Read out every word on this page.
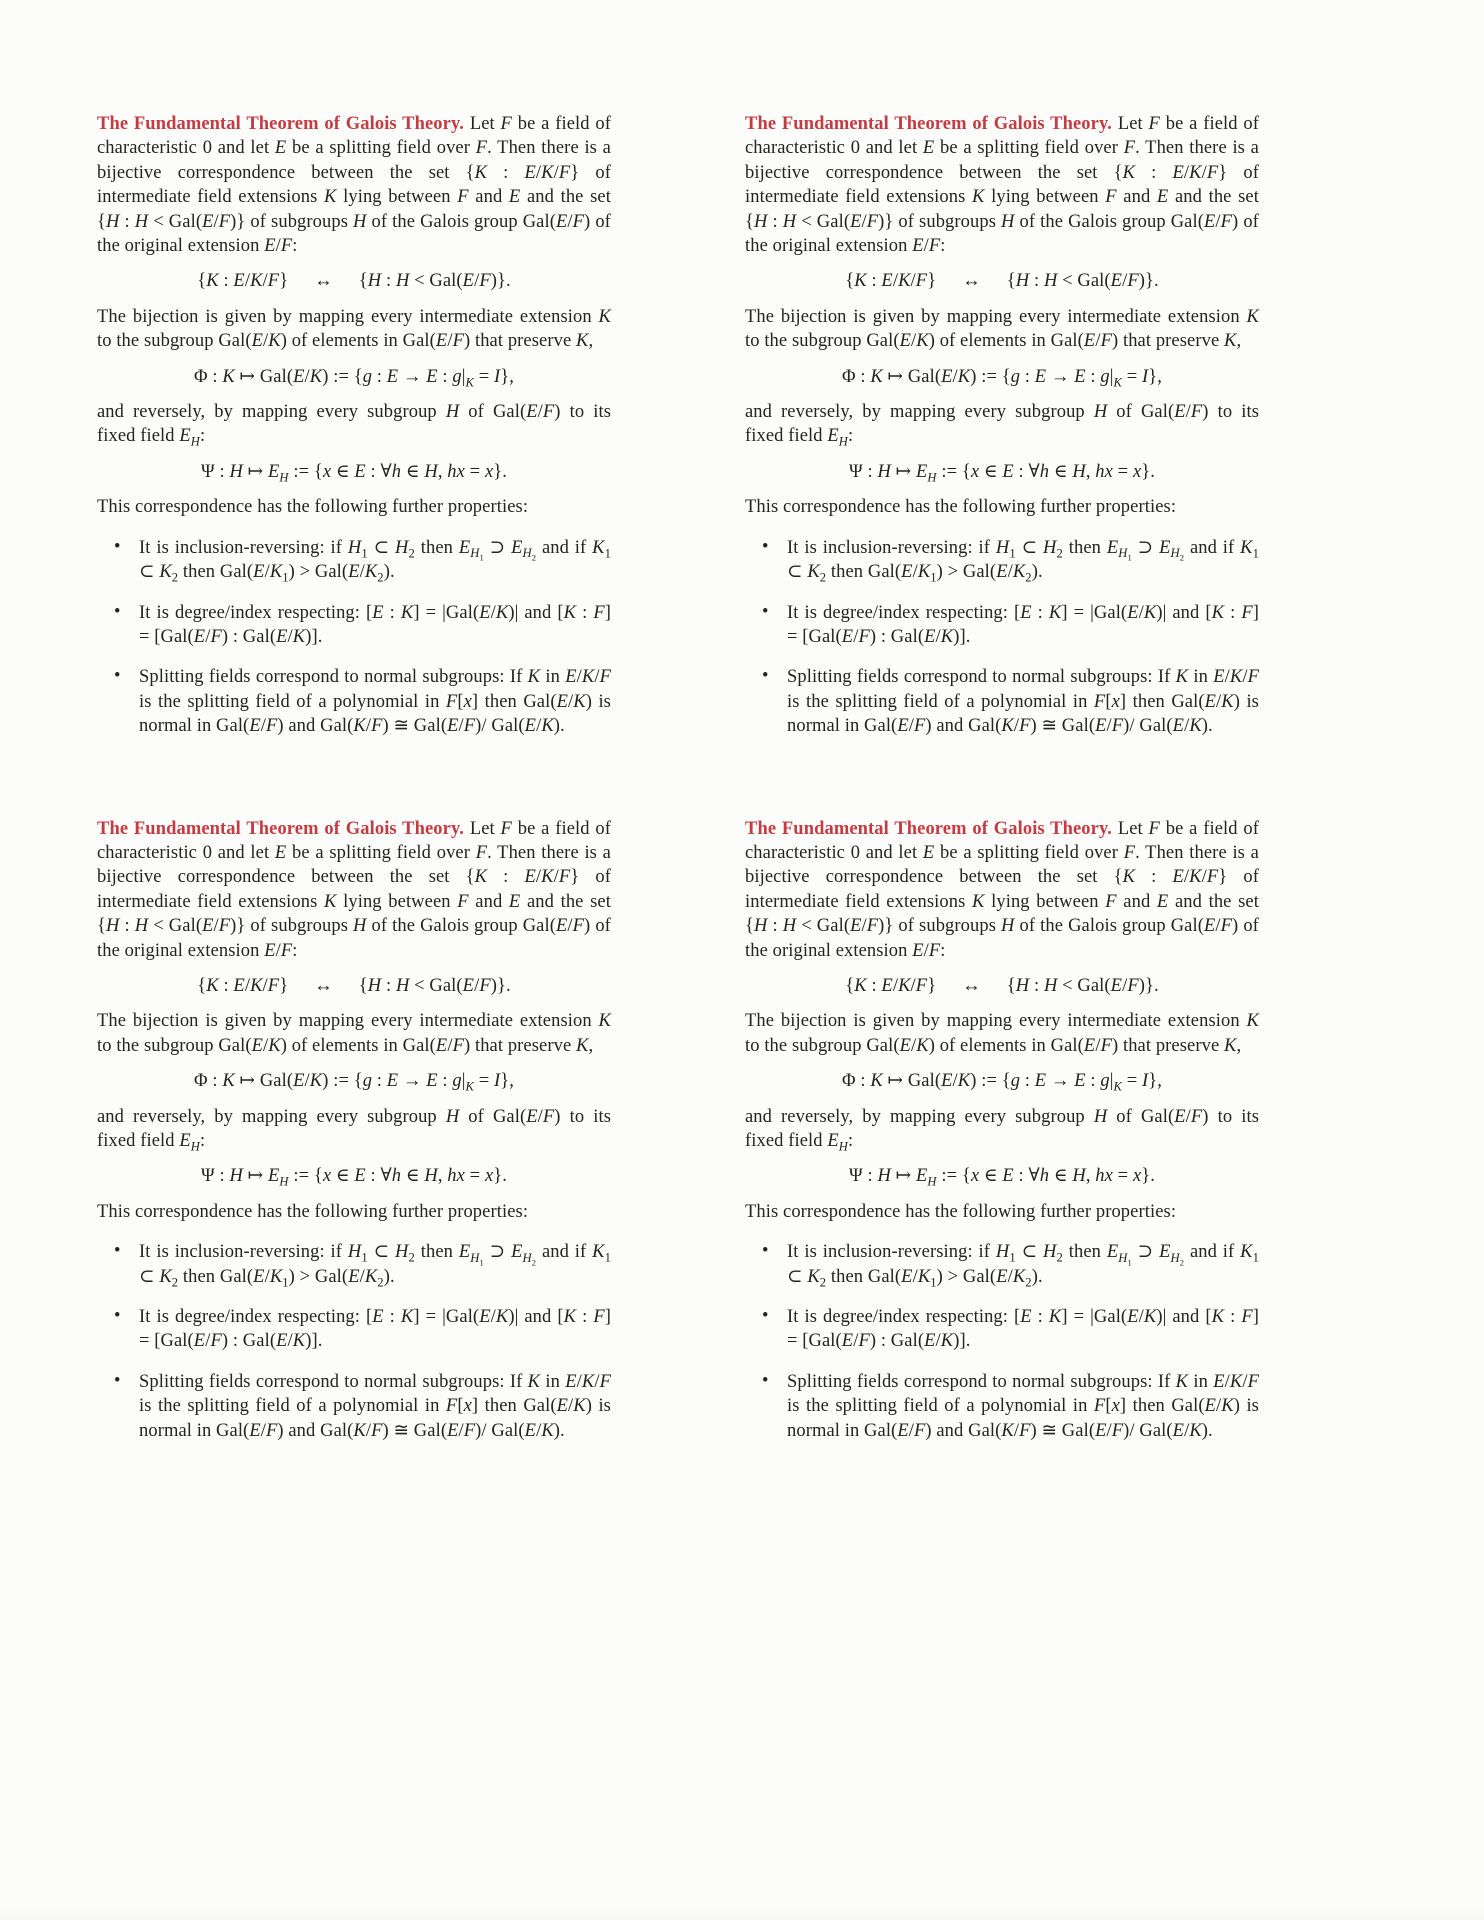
The Fundamental Theorem of Galois Theory. Let F be a field of characteristic 0 and let E be a splitting field over F. Then there is a bijective correspondence between the set {K : E/K/F} of intermediate field extensions K lying between F and E and the set {H : H < Gal(E/F)} of subgroups H of the Galois group Gal(E/F) of the original extension E/F:

{K : E/K/F} ↔ {H : H < Gal(E/F)}.

The bijection is given by mapping every intermediate extension K to the subgroup Gal(E/K) of elements in Gal(E/F) that preserve K,

Φ : K ↦ Gal(E/K) := {g : E → E : $g|_K = I$},

and reversely, by mapping every subgroup H of Gal(E/F) to its fixed field $E_H$:

Ψ : H ↦ $E_H$ := {x ∈ E : ∀h ∈ H, hx = x}.

This correspondence has the following further properties:

• It is inclusion-reversing: if $H_1$ ⊂ $H_2$ then $E_{H_1}$ ⊃ $E_{H_2}$ and if $K_1$ ⊂ $K_2$ then $Gal(E/K_1) > Gal(E/K_2)$.
• It is degree/index respecting: [E : K] = |Gal(E/K)| and [K : F] = [Gal(E/F) : Gal(E/K)].
• Splitting fields correspond to normal subgroups: If K in E/K/F is the splitting field of a polynomial in F[x] then Gal(E/K) is normal in Gal(E/F) and Gal(K/F) ≅ Gal(E/F)/ Gal(E/K).

The Fundamental Theorem of Galois Theory. Let F be a field of characteristic 0 and let E be a splitting field over F. Then there is a bijective correspondence between the set {K : E/K/F} of intermediate field extensions K lying between F and E and the set {H : H < Gal(E/F)} of subgroups H of the Galois group Gal(E/F) of the original extension E/F:

{K : E/K/F} ↔ {H : H < Gal(E/F)}.

The bijection is given by mapping every intermediate extension K to the subgroup Gal(E/K) of elements in Gal(E/F) that preserve K,

Φ : K ↦ Gal(E/K) := {g : E → E : $g|_K = I$},

and reversely, by mapping every subgroup H of Gal(E/F) to its fixed field $E_H$:

Ψ : H ↦ $E_H$ := {x ∈ E : ∀h ∈ H, hx = x}.

This correspondence has the following further properties:

• It is inclusion-reversing: if $H_1$ ⊂ $H_2$ then $E_{H_1}$ ⊃ $E_{H_2}$ and if $K_1$ ⊂ $K_2$ then $Gal(E/K_1) > Gal(E/K_2)$.
• It is degree/index respecting: [E : K] = |Gal(E/K)| and [K : F] = [Gal(E/F) : Gal(E/K)].
• Splitting fields correspond to normal subgroups: If K in E/K/F is the splitting field of a polynomial in F[x] then Gal(E/K) is normal in Gal(E/F) and Gal(K/F) ≅ Gal(E/F)/ Gal(E/K).

The Fundamental Theorem of Galois Theory. Let F be a field of characteristic 0 and let E be a splitting field over F. Then there is a bijective correspondence between the set {K : E/K/F} of intermediate field extensions K lying between F and E and the set {H : H < Gal(E/F)} of subgroups H of the Galois group Gal(E/F) of the original extension E/F:

{K : E/K/F} ↔ {H : H < Gal(E/F)}.

The bijection is given by mapping every intermediate extension K to the subgroup Gal(E/K) of elements in Gal(E/F) that preserve K,

Φ : K ↦ Gal(E/K) := {g : E → E : $g|_K = I$},

and reversely, by mapping every subgroup H of Gal(E/F) to its fixed field $E_H$:

Ψ : H ↦ $E_H$ := {x ∈ E : ∀h ∈ H, hx = x}.

This correspondence has the following further properties:

• It is inclusion-reversing: if $H_1$ ⊂ $H_2$ then $E_{H_1}$ ⊃ $E_{H_2}$ and if $K_1$ ⊂ $K_2$ then $Gal(E/K_1) > Gal(E/K_2)$.
• It is degree/index respecting: [E : K] = |Gal(E/K)| and [K : F] = [Gal(E/F) : Gal(E/K)].
• Splitting fields correspond to normal subgroups: If K in E/K/F is the splitting field of a polynomial in F[x] then Gal(E/K) is normal in Gal(E/F) and Gal(K/F) ≅ Gal(E/F)/ Gal(E/K).

The Fundamental Theorem of Galois Theory. Let F be a field of characteristic 0 and let E be a splitting field over F. Then there is a bijective correspondence between the set {K : E/K/F} of intermediate field extensions K lying between F and E and the set {H : H < Gal(E/F)} of subgroups H of the Galois group Gal(E/F) of the original extension E/F:

{K : E/K/F} ↔ {H : H < Gal(E/F)}.

The bijection is given by mapping every intermediate extension K to the subgroup Gal(E/K) of elements in Gal(E/F) that preserve K,

Φ : K ↦ Gal(E/K) := {g : E → E : $g|_K = I$},

and reversely, by mapping every subgroup H of Gal(E/F) to its fixed field $E_H$:

Ψ : H ↦ $E_H$ := {x ∈ E : ∀h ∈ H, hx = x}.

This correspondence has the following further properties:

• It is inclusion-reversing: if $H_1$ ⊂ $H_2$ then $E_{H_1}$ ⊃ $E_{H_2}$ and if $K_1$ ⊂ $K_2$ then $Gal(E/K_1) > Gal(E/K_2)$.
• It is degree/index respecting: [E : K] = |Gal(E/K)| and [K : F] = [Gal(E/F) : Gal(E/K)].
• Splitting fields correspond to normal subgroups: If K in E/K/F is the splitting field of a polynomial in F[x] then Gal(E/K) is normal in Gal(E/F) and Gal(K/F) ≅ Gal(E/F)/ Gal(E/K).
